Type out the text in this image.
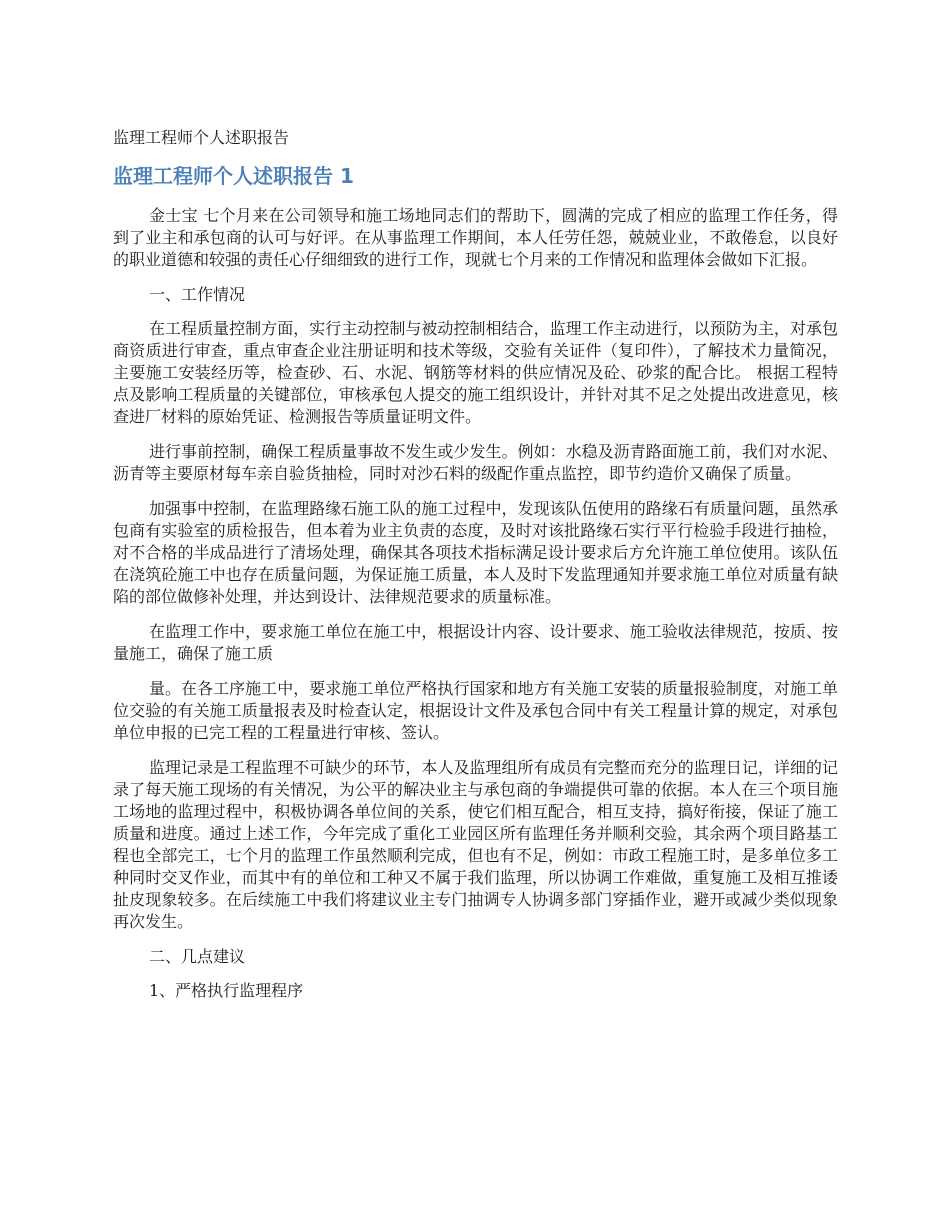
监理工程师个人述职报告
监理工程师个人述职报告 1

金士宝 七个月来在公司领导和施工场地同志们的帮助下，圆满的完成了相应的监理工作任务，得到了业主和承包商的认可与好评。在从事监理工作期间，本人任劳任怨，兢兢业业，不敢倦怠，以良好的职业道德和较强的责任心仔细细致的进行工作，现就七个月来的工作情况和监理体会做如下汇报。

一、工作情况

在工程质量控制方面，实行主动控制与被动控制相结合，监理工作主动进行，以预防为主，对承包商资质进行审查，重点审查企业注册证明和技术等级，交验有关证件（复印件），了解技术力量简况，主要施工安装经历等，检查砂、石、水泥、钢筋等材料的供应情况及砼、砂浆的配合比。 根据工程特点及影响工程质量的关键部位，审核承包人提交的施工组织设计，并针对其不足之处提出改进意见，核查进厂材料的原始凭证、检测报告等质量证明文件。

进行事前控制，确保工程质量事故不发生或少发生。例如：水稳及沥青路面施工前，我们对水泥、沥青等主要原材每车亲自验货抽检，同时对沙石料的级配作重点监控，即节约造价又确保了质量。

加强事中控制，在监理路缘石施工队的施工过程中，发现该队伍使用的路缘石有质量问题，虽然承包商有实验室的质检报告，但本着为业主负责的态度，及时对该批路缘石实行平行检验手段进行抽检，对不合格的半成品进行了清场处理，确保其各项技术指标满足设计要求后方允许施工单位使用。该队伍在浇筑砼施工中也存在质量问题，为保证施工质量，本人及时下发监理通知并要求施工单位对质量有缺陷的部位做修补处理，并达到设计、法律规范要求的质量标准。

在监理工作中，要求施工单位在施工中，根据设计内容、设计要求、施工验收法律规范，按质、按量施工，确保了施工质

量。在各工序施工中，要求施工单位严格执行国家和地方有关施工安装的质量报验制度，对施工单位交验的有关施工质量报表及时检查认定，根据设计文件及承包合同中有关工程量计算的规定，对承包单位申报的已完工程的工程量进行审核、签认。

监理记录是工程监理不可缺少的环节，本人及监理组所有成员有完整而充分的监理日记，详细的记录了每天施工现场的有关情况，为公平的解决业主与承包商的争端提供可靠的依据。本人在三个项目施工场地的监理过程中，积极协调各单位间的关系，使它们相互配合，相互支持，搞好衔接，保证了施工质量和进度。通过上述工作，今年完成了重化工业园区所有监理任务并顺利交验，其余两个项目路基工程也全部完工，七个月的监理工作虽然顺利完成，但也有不足，例如：市政工程施工时，是多单位多工种同时交叉作业，而其中有的单位和工种又不属于我们监理，所以协调工作难做，重复施工及相互推诿扯皮现象较多。在后续施工中我们将建议业主专门抽调专人协调多部门穿插作业，避开或减少类似现象再次发生。

二、几点建议

1、严格执行监理程序
